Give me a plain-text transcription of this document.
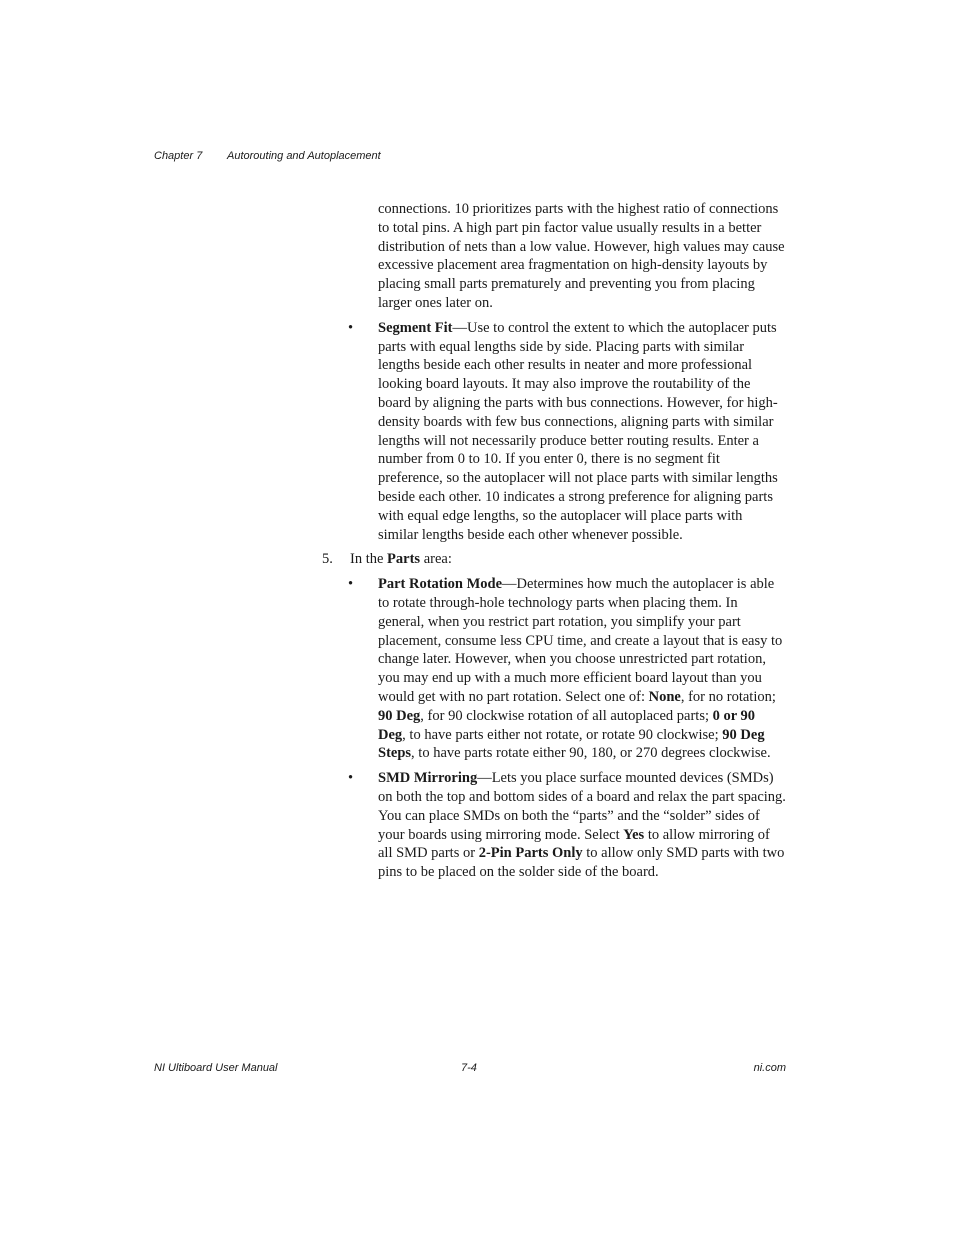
Chapter 7 Autorouting and Autoplacement

connections. 10 prioritizes parts with the highest ratio of connections to total pins. A high part pin factor value usually results in a better distribution of nets than a low value. However, high values may cause excessive placement area fragmentation on high-density layouts by placing small parts prematurely and preventing you from placing larger ones later on.

• Segment Fit—Use to control the extent to which the autoplacer puts parts with equal lengths side by side. Placing parts with similar lengths beside each other results in neater and more professional looking board layouts. It may also improve the routability of the board by aligning the parts with bus connections. However, for high-density boards with few bus connections, aligning parts with similar lengths will not necessarily produce better routing results. Enter a number from 0 to 10. If you enter 0, there is no segment fit preference, so the autoplacer will not place parts with similar lengths beside each other. 10 indicates a strong preference for aligning parts with equal edge lengths, so the autoplacer will place parts with similar lengths beside each other whenever possible.
5. In the Parts area:
• Part Rotation Mode—Determines how much the autoplacer is able to rotate through-hole technology parts when placing them. In general, when you restrict part rotation, you simplify your part placement, consume less CPU time, and create a layout that is easy to change later. However, when you choose unrestricted part rotation, you may end up with a much more efficient board layout than you would get with no part rotation. Select one of: None, for no rotation; 90 Deg, for 90 clockwise rotation of all autoplaced parts; 0 or 90 Deg, to have parts either not rotate, or rotate 90 clockwise; 90 Deg Steps, to have parts rotate either 90, 180, or 270 degrees clockwise.
• SMD Mirroring—Lets you place surface mounted devices (SMDs) on both the top and bottom sides of a board and relax the part spacing. You can place SMDs on both the “parts” and the “solder” sides of your boards using mirroring mode. Select Yes to allow mirroring of all SMD parts or 2-Pin Parts Only to allow only SMD parts with two pins to be placed on the solder side of the board.
NI Ultiboard User Manual	7-4	ni.com
